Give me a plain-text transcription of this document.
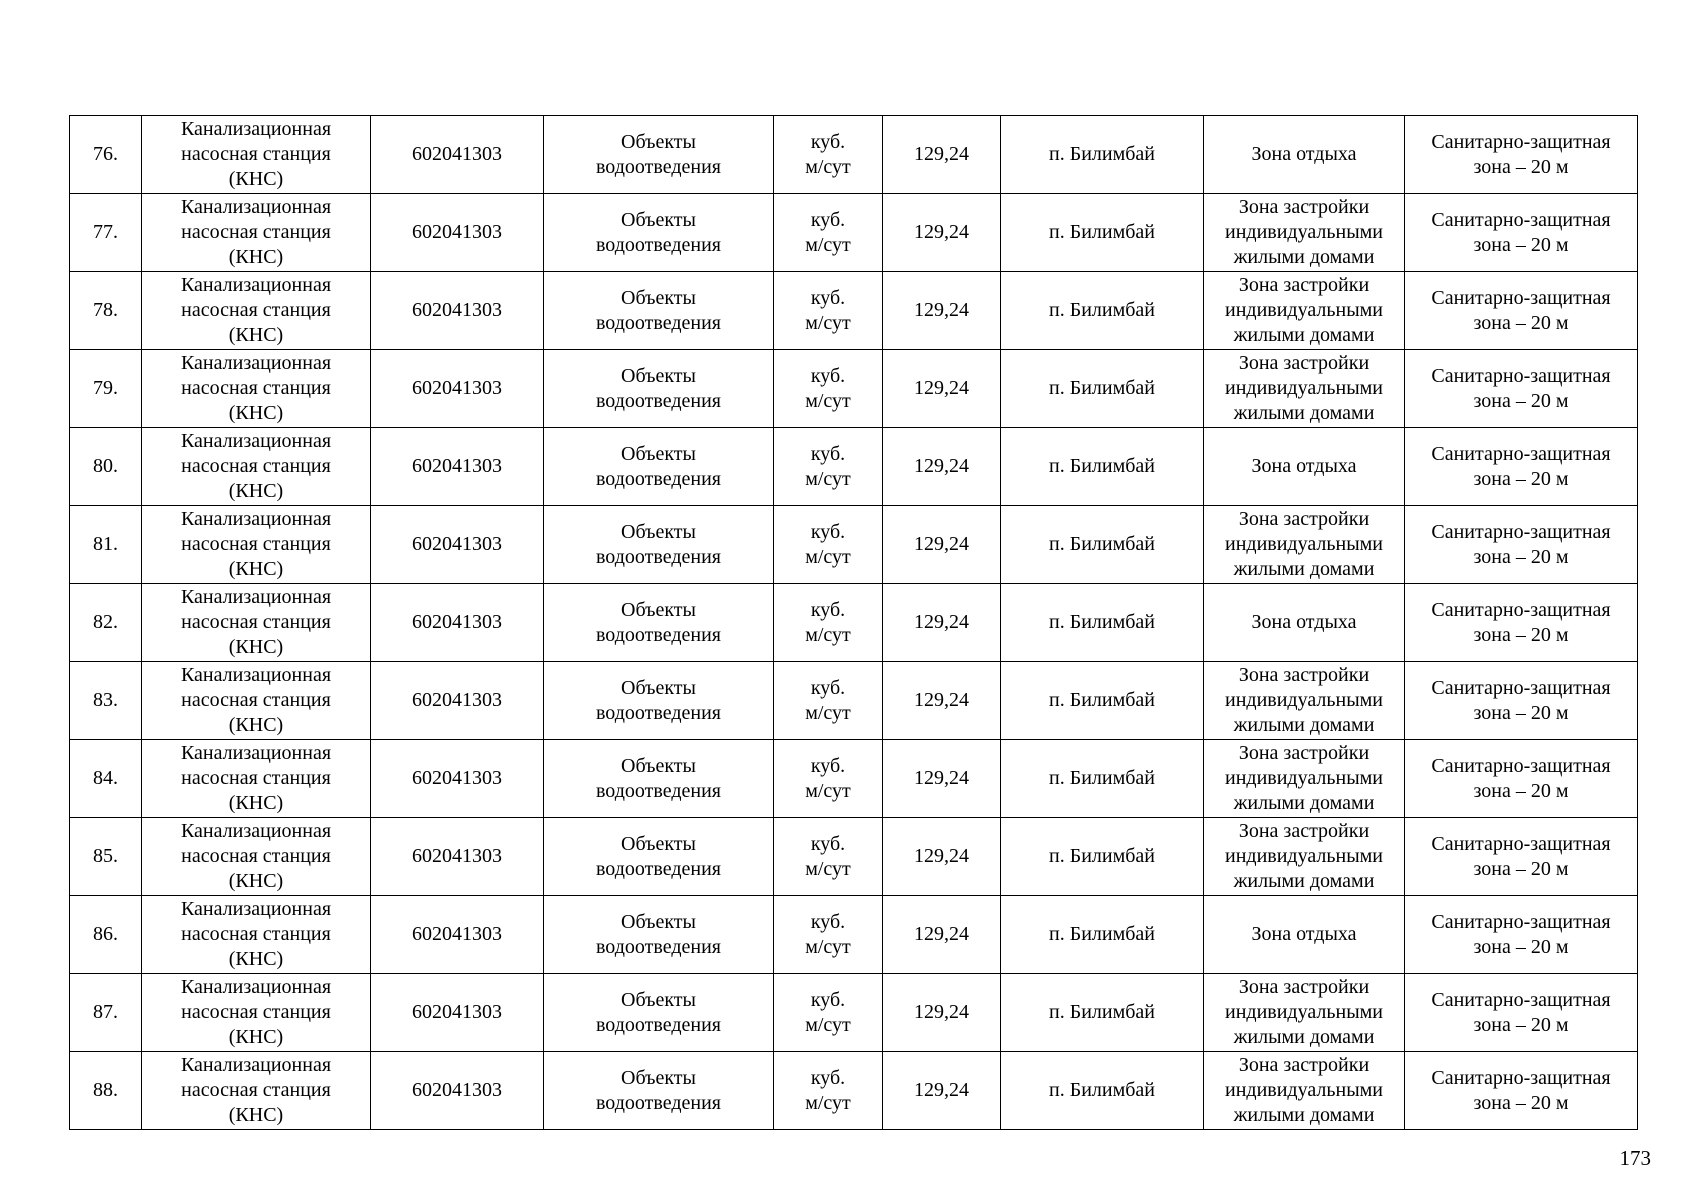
76.	Канализационная
насосная станция
(КНС)	602041303	Объекты
водоотведения	куб.
м/сут	129,24	п. Билимбай	Зона отдыха	Санитарно-защитная
зона – 20 м
77.	Канализационная
насосная станция
(КНС)	602041303	Объекты
водоотведения	куб.
м/сут	129,24	п. Билимбай	Зона застройки
индивидуальными
жилыми домами	Санитарно-защитная
зона – 20 м
78.	Канализационная
насосная станция
(КНС)	602041303	Объекты
водоотведения	куб.
м/сут	129,24	п. Билимбай	Зона застройки
индивидуальными
жилыми домами	Санитарно-защитная
зона – 20 м
79.	Канализационная
насосная станция
(КНС)	602041303	Объекты
водоотведения	куб.
м/сут	129,24	п. Билимбай	Зона застройки
индивидуальными
жилыми домами	Санитарно-защитная
зона – 20 м
80.	Канализационная
насосная станция
(КНС)	602041303	Объекты
водоотведения	куб.
м/сут	129,24	п. Билимбай	Зона отдыха	Санитарно-защитная
зона – 20 м
81.	Канализационная
насосная станция
(КНС)	602041303	Объекты
водоотведения	куб.
м/сут	129,24	п. Билимбай	Зона застройки
индивидуальными
жилыми домами	Санитарно-защитная
зона – 20 м
82.	Канализационная
насосная станция
(КНС)	602041303	Объекты
водоотведения	куб.
м/сут	129,24	п. Билимбай	Зона отдыха	Санитарно-защитная
зона – 20 м
83.	Канализационная
насосная станция
(КНС)	602041303	Объекты
водоотведения	куб.
м/сут	129,24	п. Билимбай	Зона застройки
индивидуальными
жилыми домами	Санитарно-защитная
зона – 20 м
84.	Канализационная
насосная станция
(КНС)	602041303	Объекты
водоотведения	куб.
м/сут	129,24	п. Билимбай	Зона застройки
индивидуальными
жилыми домами	Санитарно-защитная
зона – 20 м
85.	Канализационная
насосная станция
(КНС)	602041303	Объекты
водоотведения	куб.
м/сут	129,24	п. Билимбай	Зона застройки
индивидуальными
жилыми домами	Санитарно-защитная
зона – 20 м
86.	Канализационная
насосная станция
(КНС)	602041303	Объекты
водоотведения	куб.
м/сут	129,24	п. Билимбай	Зона отдыха	Санитарно-защитная
зона – 20 м
87.	Канализационная
насосная станция
(КНС)	602041303	Объекты
водоотведения	куб.
м/сут	129,24	п. Билимбай	Зона застройки
индивидуальными
жилыми домами	Санитарно-защитная
зона – 20 м
88.	Канализационная
насосная станция
(КНС)	602041303	Объекты
водоотведения	куб.
м/сут	129,24	п. Билимбай	Зона застройки
индивидуальными
жилыми домами	Санитарно-защитная
зона – 20 м
173
